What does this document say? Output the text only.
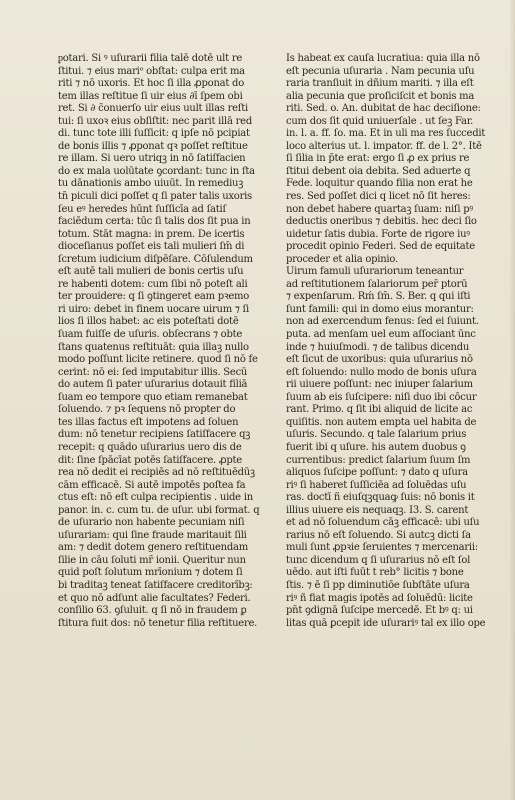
ᵱotari. Si ꝰ uſurarii filia talē dotē ult̄ re
ſtitui. ⁊ eius mariᵒ obſtat: culpa erit ma
riti ⁊ nō uxoris. Et hoc ſi illa ꝓponat do
tem illas reſtitue ſi uir eius ∂ī ſpem obi
ret. Si ∂ c̄onuerſo uir eius uult illas reſti
tui: ſi uxoꝛ eius obſiſtit: nec parit illā red
di. tunc tote illi ſuſſicit: q ipſe nō pcipiat
de bonis illis ⁊ ꝓponat qꝛ poſſet reſtitue
re illam. Si uero utriqꝫ in nō ſatiſfacien
do ex mala uolūtate ꝯcordant: tunc in ſta
tu dānationis ambo uiuūt. In remediuꝫ
tn̄ piculi dici poſſet q ſi pater talis uxoris
ſeu eꝰ heredes hūnt ſuſſicīa ad ſatiſ
faciēdum certa: tūc ſi talis dos ſit pua in
totum. Stāt magna: in prem. De icertis
dioceſianus poſſet eis tali mulieri ſm̄ di
ſcretum iudicium diſpēſare. Cōſulendum
eſt autē tali mulieri de bonis certis uſu
re habenti dotem: cum ſibi nō poteſt ali
ter prouidere: q ſi ꝯtingeret eam pꝛemo
ri uiro: debet in finem uocare uirum ⁊ ſi
lios ſi illos habet: ac eis poteſtati dotē
ſuam fuiſſe de uſuris. obſecrans ⁊ obte
ſtans quatenus reſtituāt: quia illaꝫ nullo
modo poſſunt licite retinere. quod ſi nō fe
cerint: nō ei: ſed imputabitur illis. Secū
do autem ſi pater uſurarius dotauit filiā
ſuam eo tempore quo etiam remanebat
ſoluendo. ⁊ pꝛ ſequens nō propter do
tes illas factus eſt impotens ad ſoluen
dum: nō tenetur recipiens ſatiſfacere qꝫ
recepit: q quādo uſurarius uero dis de
dit: ſine ſpācīat potēs ſatiſfacere. ꝓpte
rea nō dedit ei recipiēs ad nō reſtituēdūꝫ
cām efficacē. Si autē impotēs poſtea fa
ctus eſt: nō eſt culpa recipientis . uide in
panor. in. c. cum tu. de uſur. ubi format. q
de uſurario non habente pecuniam niſi
uſurariam: qui ſine fraude maritauit ſili
am: ⁊ dedit dotem genero reſtituendam
ſilie in cāu ſoluti mr̄ ionii. Queritur nun
quid poſt ſolutum mrīonium ⁊ dotem ſi
bi traditaꝫ teneat ſatiſfacere creditorībꝫ:
et quo nō adſunt alie facultates? Federi.
conſilio 63. ꝯſuluit. q ſi nō in fraudem ꝑ
ſtitura fuit dos: nō tenetur filia reſtituere.
Is habeat ex cauſa lucratiua: quia illa nō
eſt pecunia uſuraria . Nam pecunia uſu
raria tranſiuit in dñium mariti. ⁊ illa eſt
alia pecunia que proſiciſcit et bonis ma
riti. Sed. o. An. dubitat de hac deciſione:
cum dos ſit quid uniuerſale . ut ſeꝫ Far.
in. l. a. ff. ſo. ma. Et in uli ma res ſuccedit
loco alterius ut. l. impator. ff. de l. 2°. Itē
ſi ſilia in p̄te erat: ergo ſi ꝓ ex prius re
ſtitui debent oia debita. Sed aduerte q
Fede. loquitur quando filia non erat he
res. Sed poſſet dici q licet nō ſit heres:
non debet habere quartaꝫ ſuam: niſi pꝰ
deductis oneribus ⁊ debitis. hec deci ſio
uidetur ſatis dubia. Forte de rigore iuꝰ
procedit opinio Federi. Sed de equitate
proceder et alia opinio.
Uirum famuli uſurariorum teneantur
ad reſtitutionem ſalariorum per̄ ptorū
⁊ expenſarum. R̄ḿ ſm̄. S. Ber. q qui iſti
ſunt famili: qui in domo eius morantur:
non ad exercendum fenus: ſed ei ſuiunt.
puta. ad menſam uel eum aſſociant ūnc
inde ⁊ huiuſmodi. ⁊ de talibus dicendu
eſt ſicut de uxoribus: quia uſurarius nō
eſt ſoluendo: nullo modo de bonis uſura
rii uiuere poſſunt: nec iniuper ſalarium
ſuum ab eis ſuſcipere: niſi duo ibi cōcur
rant. Primo. q ſit ibi aliquid de licite ac
quiſitis. non autem empta uel habita de
uſuris. Secundo. q tale ſalarium prius
fuerit ibi q uſure. his autem duobus ꝯ
currentibus: predict ſalarium ſuum ſm
aliquos ſuſcipe poſſunt: ⁊ dato q uſura
riꝰ ſi haberet ſuſſiciēa ad ſoluēdas uſu
ras. doctī ñ eiuſqꝫquaꝙ ſuis: nō bonis it
illius uiuere eis nequaqꝫ. I3. S. carent
et ad nō ſoluendum cāꝫ efficacē: ubi uſu
rarius nō eſt ſoluendo. Si autcꝫ dicti ſa
muli ſunt ꝓpꝛie ſeruientes ⁊ mercenarii:
tunc dicendum q ſi uſurarius nō eſt ſol
uēdo. aut iſti fuūt t reb° licitis ⁊ bone
ſtis. ⁊ ē ſi pp diminutiōe ſubſtāte uſura
riꝰ ñ fiat magis ipotēs ad ſoluēdū: licite
pn̄t ꝯdignā ſuſcipe mercedē. Et bꝰ q: ui
litas quā ꝑcepit ide uſurariꝰ tal ex illo ope
